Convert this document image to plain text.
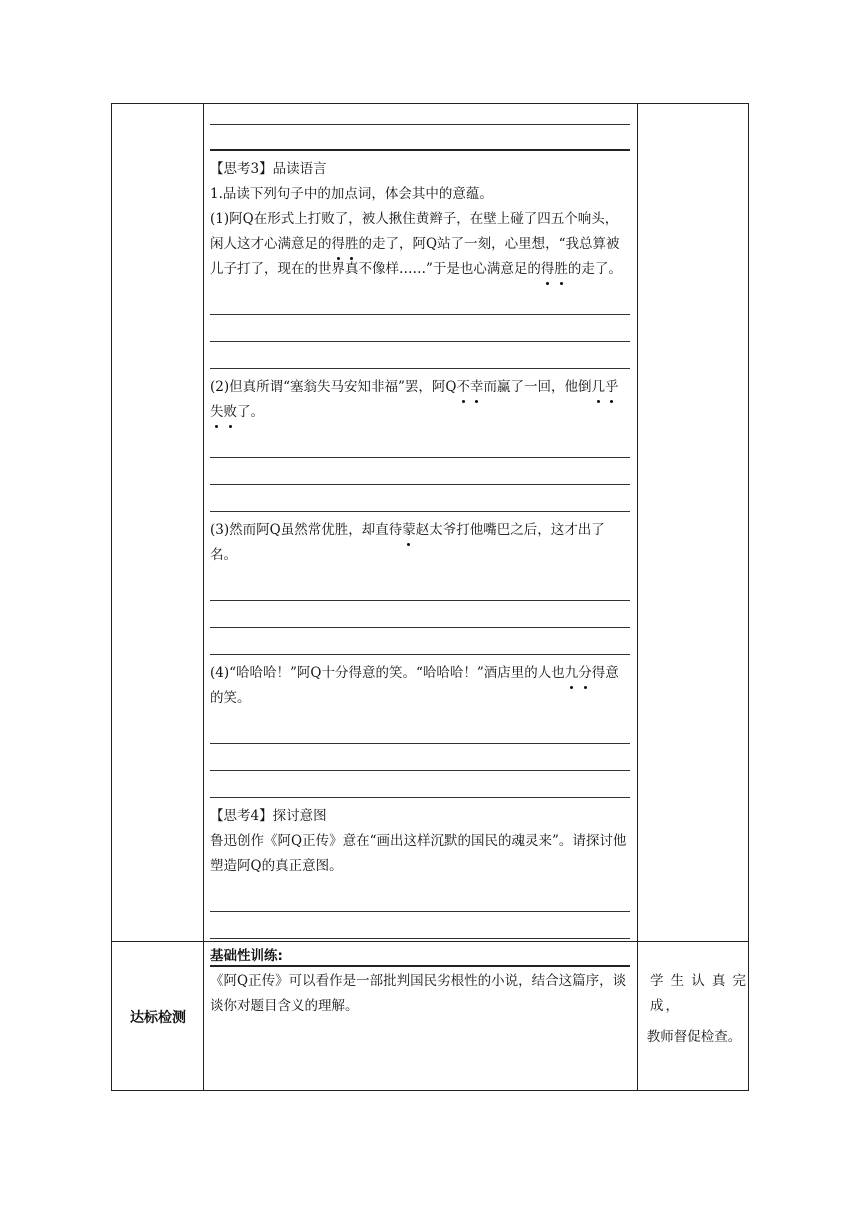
【思考3】品读语言

1.品读下列句子中的加点词，体会其中的意蕴。

(1)阿Q在形式上打败了，被人揪住黄辫子，在壁上碰了四五个响头，闲人这才心满意足的得胜的走了，阿Q站了一刻，心里想，“我总算被儿子打了，现在的世界真不像样……”于是也心满意足的得胜的走了。

(2)但真所谓“塞翁失马安知非福”罢，阿Q不幸而赢了一回，他倒几乎失败了。

(3)然而阿Q虽然常优胜，却直待蒙赵太爷打他嘴巴之后，这才出了名。

(4)“哈哈哈！”阿Q十分得意的笑。“哈哈哈！”酒店里的人也九分得意的笑。

【思考4】探讨意图

鲁迅创作《阿Q正传》意在“画出这样沉默的国民的魂灵来”。请探讨他塑造阿Q的真正意图。

达标检测

基础性训练:

《阿Q正传》可以看作是一部批判国民劣根性的小说，结合这篇序，谈谈你对题目含义的理解。

学生认真完成，

教师督促检查。
